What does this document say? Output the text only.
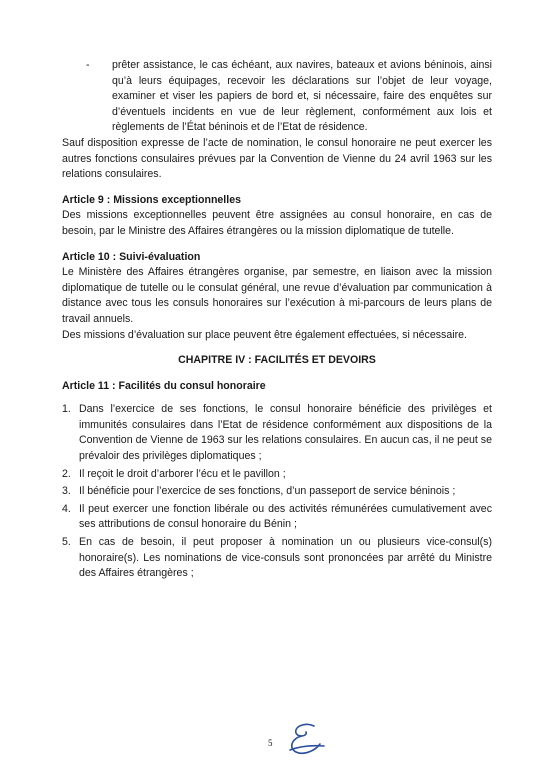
- prêter assistance, le cas échéant, aux navires, bateaux et avions béninois, ainsi qu’à leurs équipages, recevoir les déclarations sur l’objet de leur voyage, examiner et viser les papiers de bord et, si nécessaire, faire des enquêtes sur d’éventuels incidents en vue de leur règlement, conformément aux lois et règlements de l’État béninois et de l’Etat de résidence.

Sauf disposition expresse de l’acte de nomination, le consul honoraire ne peut exercer les autres fonctions consulaires prévues par la Convention de Vienne du 24 avril 1963 sur les relations consulaires.

Article 9 : Missions exceptionnelles

Des missions exceptionnelles peuvent être assignées au consul honoraire, en cas de besoin, par le Ministre des Affaires étrangères ou la mission diplomatique de tutelle.

Article 10 : Suivi-évaluation

Le Ministère des Affaires étrangères organise, par semestre, en liaison avec la mission diplomatique de tutelle ou le consulat général, une revue d’évaluation par communication à distance avec tous les consuls honoraires sur l’exécution à mi-parcours de leurs plans de travail annuels.

Des missions d’évaluation sur place peuvent être également effectuées, si nécessaire.

CHAPITRE IV : FACILITÉS ET DEVOIRS
Article 11 : Facilités du consul honoraire
1. Dans l’exercice de ses fonctions, le consul honoraire bénéficie des privilèges et immunités consulaires dans l’Etat de résidence conformément aux dispositions de la Convention de Vienne de 1963 sur les relations consulaires. En aucun cas, il ne peut se prévaloir des privilèges diplomatiques ;
2. Il reçoit le droit d’arborer l’écu et le pavillon ;
3. Il bénéficie pour l’exercice de ses fonctions, d’un passeport de service béninois ;
4. Il peut exercer une fonction libérale ou des activités rémunérées cumulativement avec ses attributions de consul honoraire du Bénin ;
5. En cas de besoin, il peut proposer à nomination un ou plusieurs vice-consul(s) honoraire(s). Les nominations de vice-consuls sont prononcées par arrêté du Ministre des Affaires étrangères ;
5
